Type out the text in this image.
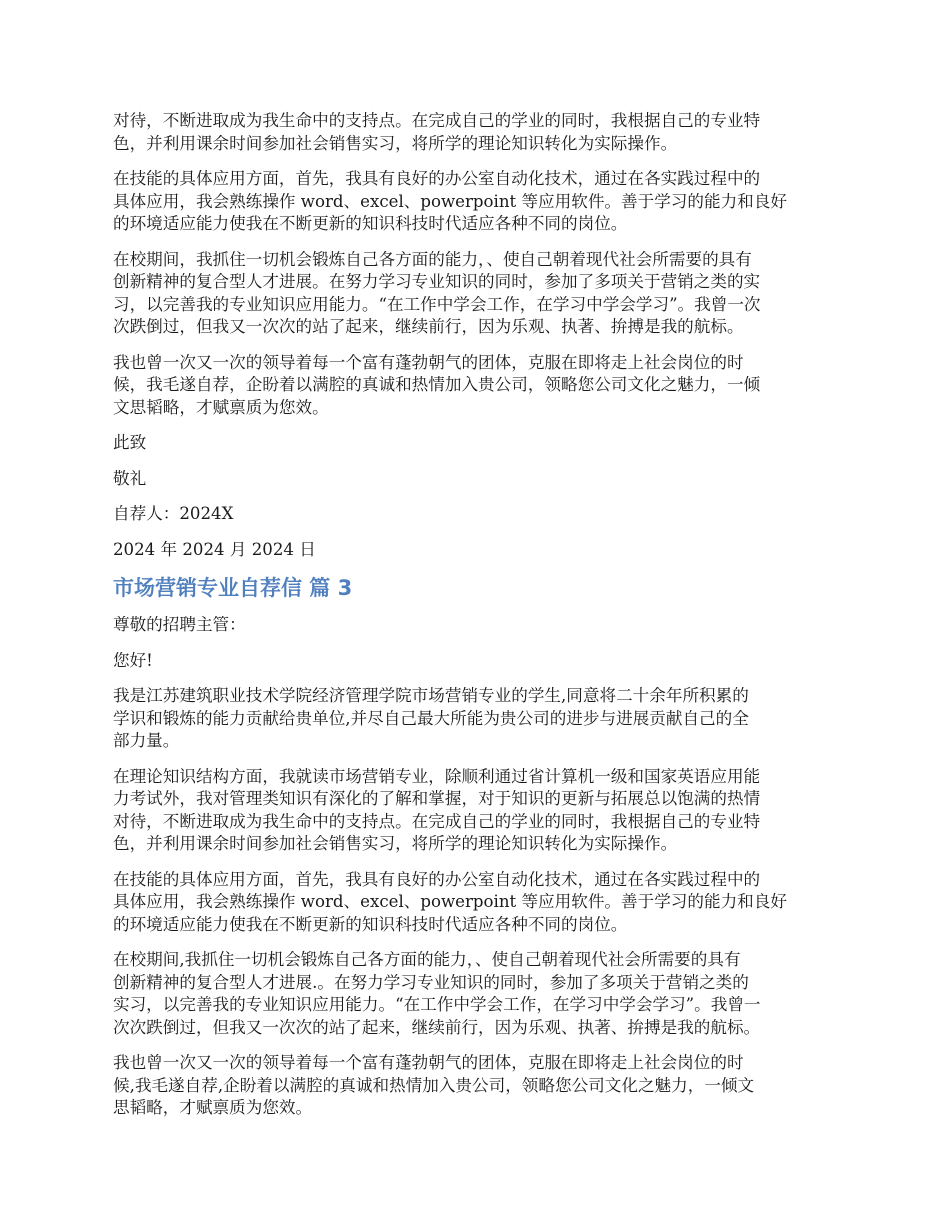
对待，不断进取成为我生命中的支持点。在完成自己的学业的同时，我根据自己的专业特
色，并利用课余时间参加社会销售实习，将所学的理论知识转化为实际操作。

在技能的具体应用方面，首先，我具有良好的办公室自动化技术，通过在各实践过程中的
具体应用，我会熟练操作 word、excel、powerpoint 等应用软件。善于学习的能力和良好
的环境适应能力使我在不断更新的知识科技时代适应各种不同的岗位。

在校期间，我抓住一切机会锻炼自己各方面的能力，、使自己朝着现代社会所需要的具有
创新精神的复合型人才进展。在努力学习专业知识的同时，参加了多项关于营销之类的实
习，以完善我的专业知识应用能力。“在工作中学会工作，在学习中学会学习”。我曾一次
次跌倒过，但我又一次次的站了起来，继续前行，因为乐观、执著、拚搏是我的航标。

我也曾一次又一次的领导着每一个富有蓬勃朝气的团体，克服在即将走上社会岗位的时
候，我毛遂自荐，企盼着以满腔的真诚和热情加入贵公司，领略您公司文化之魅力，一倾
文思韬略，才赋禀质为您效。

此致

敬礼

自荐人：2024X

2024 年 2024 月 2024 日

市场营销专业自荐信 篇 3

尊敬的招聘主管：

您好!

我是江苏建筑职业技术学院经济管理学院市场营销专业的学生,同意将二十余年所积累的
学识和锻炼的能力贡献给贵单位,并尽自己最大所能为贵公司的进步与进展贡献自己的全
部力量。

在理论知识结构方面，我就读市场营销专业，除顺利通过省计算机一级和国家英语应用能
力考试外，我对管理类知识有深化的了解和掌握，对于知识的更新与拓展总以饱满的热情
对待，不断进取成为我生命中的支持点。在完成自己的学业的同时，我根据自己的专业特
色，并利用课余时间参加社会销售实习，将所学的理论知识转化为实际操作。

在技能的具体应用方面，首先，我具有良好的办公室自动化技术，通过在各实践过程中的
具体应用，我会熟练操作 word、excel、powerpoint 等应用软件。善于学习的能力和良好
的环境适应能力使我在不断更新的知识科技时代适应各种不同的岗位。

在校期间,我抓住一切机会锻炼自己各方面的能力，、使自己朝着现代社会所需要的具有
创新精神的复合型人才进展.。在努力学习专业知识的同时，参加了多项关于营销之类的
实习，以完善我的专业知识应用能力。“在工作中学会工作，在学习中学会学习”。我曾一
次次跌倒过，但我又一次次的站了起来，继续前行，因为乐观、执著、拚搏是我的航标。

我也曾一次又一次的领导着每一个富有蓬勃朝气的团体，克服在即将走上社会岗位的时
候,我毛遂自荐,企盼着以满腔的真诚和热情加入贵公司，领略您公司文化之魅力，一倾文
思韬略，才赋禀质为您效。
